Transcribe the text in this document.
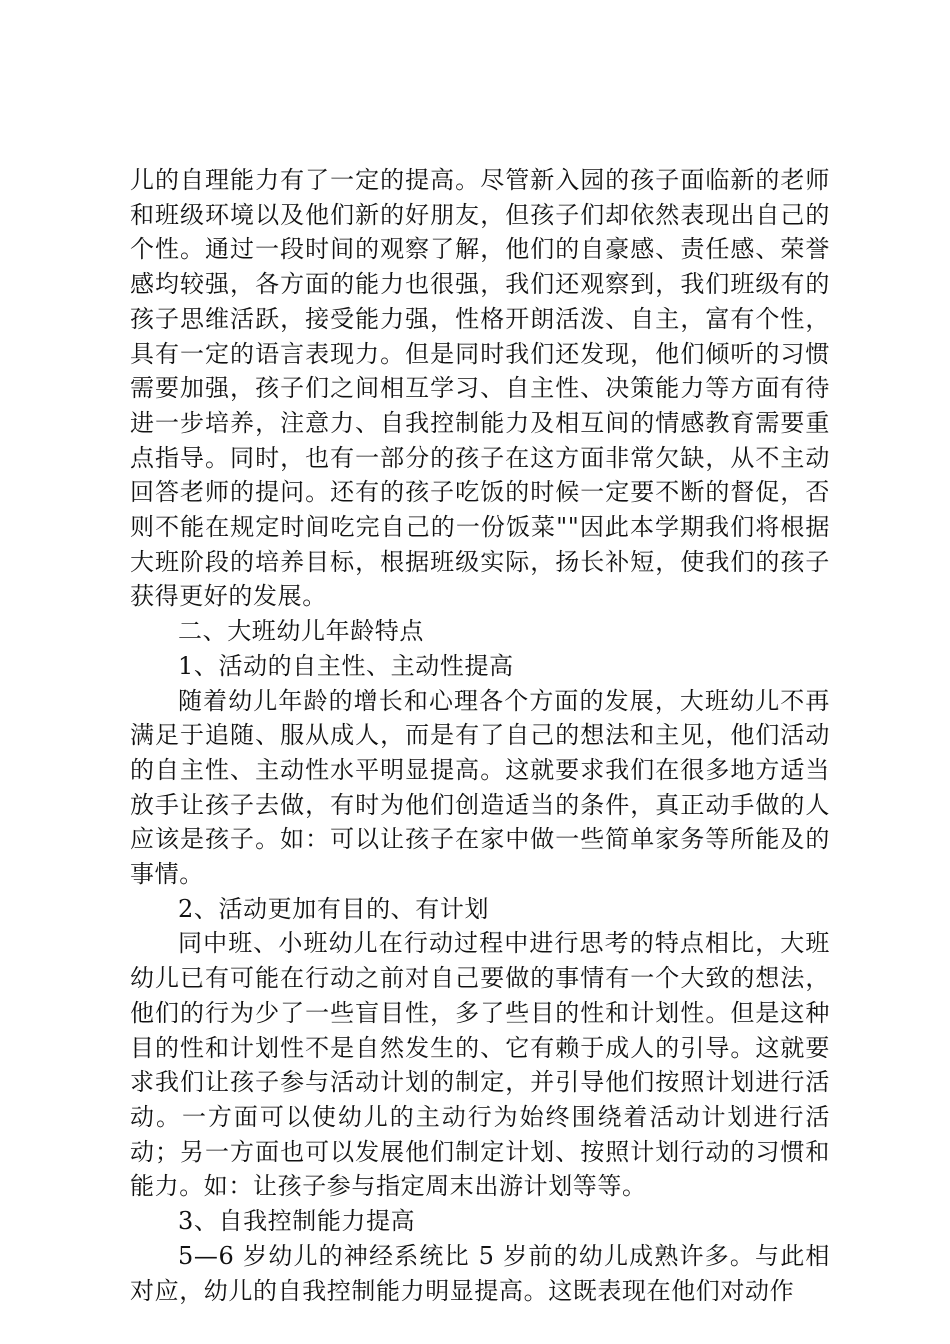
儿的自理能力有了一定的提高。尽管新入园的孩子面临新的老师和班级环境以及他们新的好朋友，但孩子们却依然表现出自己的个性。通过一段时间的观察了解，他们的自豪感、责任感、荣誉感均较强，各方面的能力也很强，我们还观察到，我们班级有的孩子思维活跃，接受能力强，性格开朗活泼、自主，富有个性，具有一定的语言表现力。但是同时我们还发现，他们倾听的习惯需要加强，孩子们之间相互学习、自主性、决策能力等方面有待进一步培养，注意力、自我控制能力及相互间的情感教育需要重点指导。同时，也有一部分的孩子在这方面非常欠缺，从不主动回答老师的提问。还有的孩子吃饭的时候一定要不断的督促，否则不能在规定时间吃完自己的一份饭菜""因此本学期我们将根据大班阶段的培养目标，根据班级实际，扬长补短，使我们的孩子获得更好的发展。

二、大班幼儿年龄特点

1、活动的自主性、主动性提高

随着幼儿年龄的增长和心理各个方面的发展，大班幼儿不再满足于追随、服从成人，而是有了自己的想法和主见，他们活动的自主性、主动性水平明显提高。这就要求我们在很多地方适当放手让孩子去做，有时为他们创造适当的条件，真正动手做的人应该是孩子。如：可以让孩子在家中做一些简单家务等所能及的事情。

2、活动更加有目的、有计划

同中班、小班幼儿在行动过程中进行思考的特点相比，大班幼儿已有可能在行动之前对自己要做的事情有一个大致的想法，他们的行为少了一些盲目性，多了些目的性和计划性。但是这种目的性和计划性不是自然发生的、它有赖于成人的引导。这就要求我们让孩子参与活动计划的制定，并引导他们按照计划进行活动。一方面可以使幼儿的主动行为始终围绕着活动计划进行活动；另一方面也可以发展他们制定计划、按照计划行动的习惯和能力。如：让孩子参与指定周末出游计划等等。

3、自我控制能力提高

5—6 岁幼儿的神经系统比 5 岁前的幼儿成熟许多。与此相对应，幼儿的自我控制能力明显提高。这既表现在他们对动作
